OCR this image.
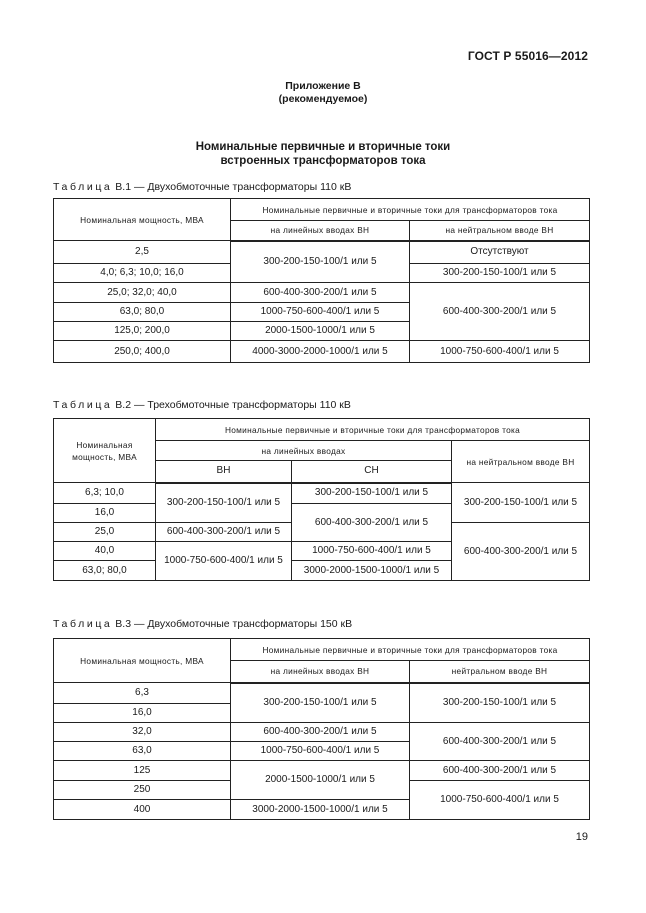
ГОСТ Р 55016—2012
Приложение В
(рекомендуемое)
Номинальные первичные и вторичные токи
встроенных трансформаторов тока
Таблица В.1 — Двухобмоточные трансформаторы 110 кВ
Номинальная мощность, МВА	Номинальные первичные и вторичные токи для трансформаторов тока	
	на линейных вводах ВН	на нейтральном вводе ВН
2,5	300-200-150-100/1 или 5	Отсутствуют
4,0; 6,3; 10,0; 16,0		300-200-150-100/1 или 5
25,0; 32,0; 40,0	600-400-300-200/1 или 5	600-400-300-200/1 или 5
63,0; 80,0	1000-750-600-400/1 или 5	
125,0; 200,0	2000-1500-1000/1 или 5	
250,0; 400,0	4000-3000-2000-1000/1 или 5	1000-750-600-400/1 или 5
Таблица В.2 — Трехобмоточные трансформаторы 110 кВ
Номинальная мощность, МВА	Номинальные первичные и вторичные токи для трансформаторов тока		
	на линейных вводах		на нейтральном вводе ВН
	ВН	СН	
6,3; 10,0	300-200-150-100/1 или 5	300-200-150-100/1 или 5	300-200-150-100/1 или 5
16,0		600-400-300-200/1 или 5	
25,0	600-400-300-200/1 или 5		600-400-300-200/1 или 5
40,0	1000-750-600-400/1 или 5	1000-750-600-400/1 или 5	
63,0; 80,0		3000-2000-1500-1000/1 или 5	
Таблица В.3 — Двухобмоточные трансформаторы 150 кВ
Номинальная мощность, МВА	Номинальные первичные и вторичные токи для трансформаторов тока	
	на линейных вводах ВН	нейтральном вводе ВН
6,3	300-200-150-100/1 или 5	300-200-150-100/1 или 5
16,0		
32,0	600-400-300-200/1 или 5	600-400-300-200/1 или 5
63,0	1000-750-600-400/1 или 5	
125	2000-1500-1000/1 или 5	600-400-300-200/1 или 5
250		1000-750-600-400/1 или 5
400	3000-2000-1500-1000/1 или 5	
19
